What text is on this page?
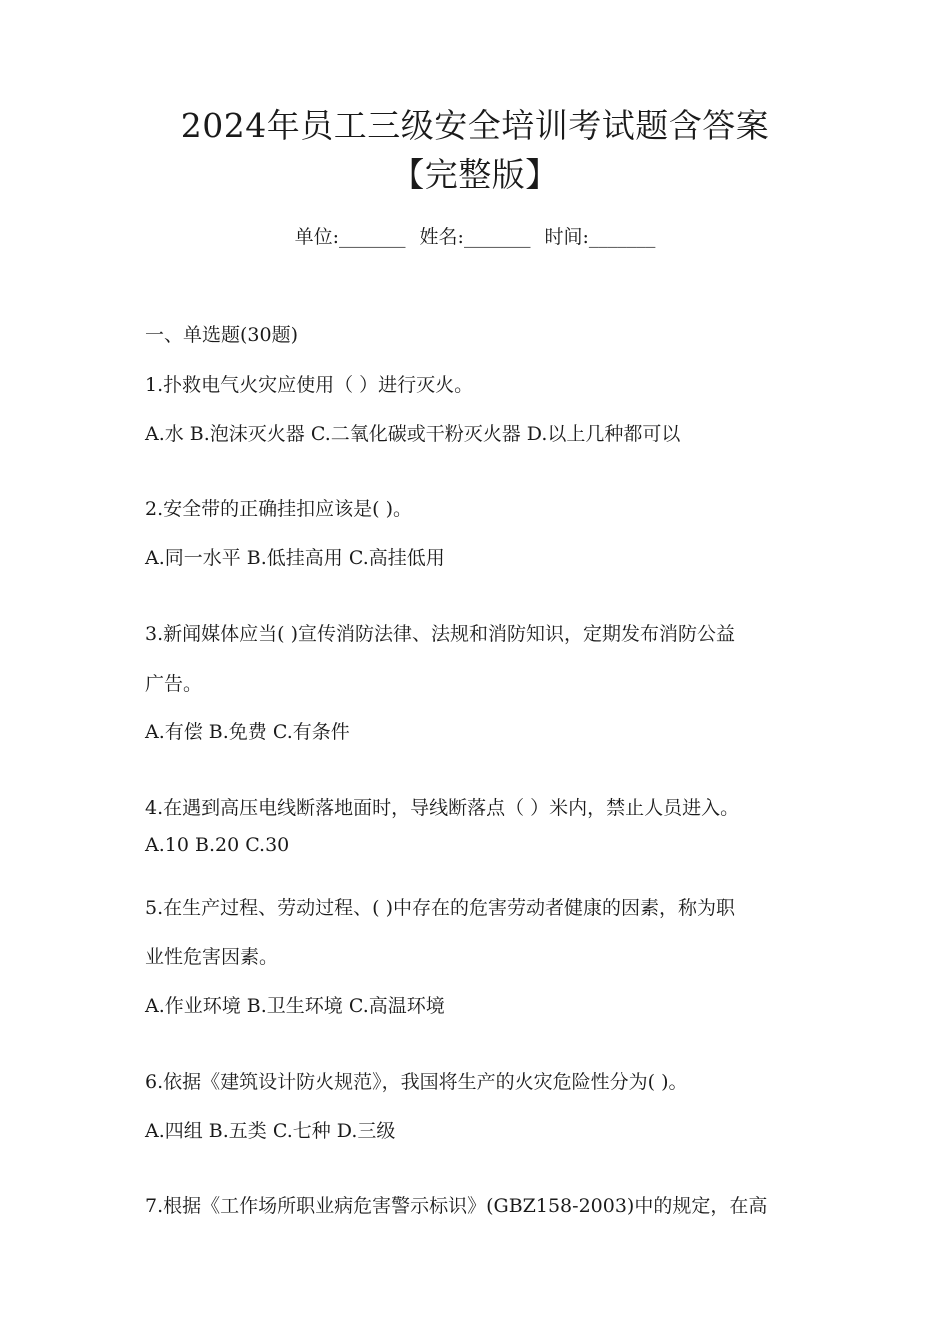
2024年员工三级安全培训考试题含答案
【完整版】
单位:_______ 姓名:_______ 时间:_______
一、单选题(30题)
1.扑救电气火灾应使用（ ）进行灭火。
A.水 B.泡沫灭火器 C.二氧化碳或干粉灭火器 D.以上几种都可以
2.安全带的正确挂扣应该是( )。
A.同一水平 B.低挂高用 C.高挂低用
3.新闻媒体应当( )宣传消防法律、法规和消防知识，定期发布消防公益
广告。
A.有偿 B.免费 C.有条件
4.在遇到高压电线断落地面时，导线断落点（ ）米内，禁止人员进入。
A.10 B.20 C.30
5.在生产过程、劳动过程、( )中存在的危害劳动者健康的因素，称为职
业性危害因素。
A.作业环境 B.卫生环境 C.高温环境
6.依据《建筑设计防火规范》，我国将生产的火灾危险性分为( )。
A.四组 B.五类 C.七种 D.三级
7.根据《工作场所职业病危害警示标识》(GBZ158-2003)中的规定，在高
